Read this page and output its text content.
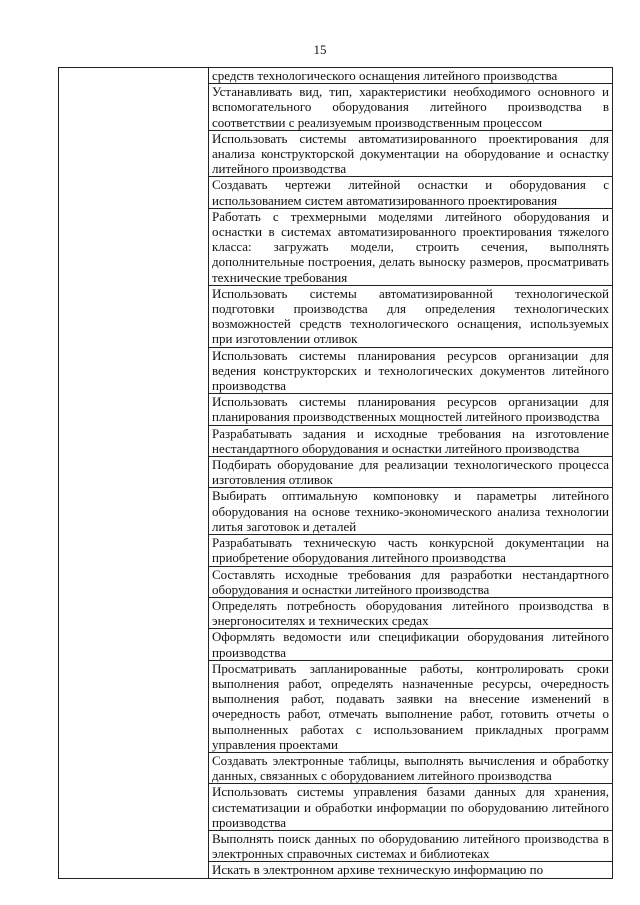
15

средств технологического оснащения литейного производства

Устанавливать вид, тип, характеристики необходимого основного и вспомогательного оборудования литейного производства в соответствии с реализуемым производственным процессом

Использовать системы автоматизированного проектирования для анализа конструкторской документации на оборудование и оснастку литейного производства

Создавать чертежи литейной оснастки и оборудования с использованием систем автоматизированного проектирования

Работать с трехмерными моделями литейного оборудования и оснастки в системах автоматизированного проектирования тяжелого класса: загружать модели, строить сечения, выполнять дополнительные построения, делать выноску размеров, просматривать технические требования

Использовать системы автоматизированной технологической подготовки производства для определения технологических возможностей средств технологического оснащения, используемых при изготовлении отливок

Использовать системы планирования ресурсов организации для ведения конструкторских и технологических документов литейного производства

Использовать системы планирования ресурсов организации для планирования производственных мощностей литейного производства

Разрабатывать задания и исходные требования на изготовление нестандартного оборудования и оснастки литейного производства

Подбирать оборудование для реализации технологического процесса изготовления отливок

Выбирать оптимальную компоновку и параметры литейного оборудования на основе технико-экономического анализа технологии литья заготовок и деталей

Разрабатывать техническую часть конкурсной документации на приобретение оборудования литейного производства

Составлять исходные требования для разработки нестандартного оборудования и оснастки литейного производства

Определять потребность оборудования литейного производства в энергоносителях и технических средах

Оформлять ведомости или спецификации оборудования литейного производства

Просматривать запланированные работы, контролировать сроки выполнения работ, определять назначенные ресурсы, очередность выполнения работ, подавать заявки на внесение изменений в очередность работ, отмечать выполнение работ, готовить отчеты о выполненных работах с использованием прикладных программ управления проектами

Создавать электронные таблицы, выполнять вычисления и обработку данных, связанных с оборудованием литейного производства

Использовать системы управления базами данных для хранения, систематизации и обработки информации по оборудованию литейного производства

Выполнять поиск данных по оборудованию литейного производства в электронных справочных системах и библиотеках

Искать в электронном архиве техническую информацию по
